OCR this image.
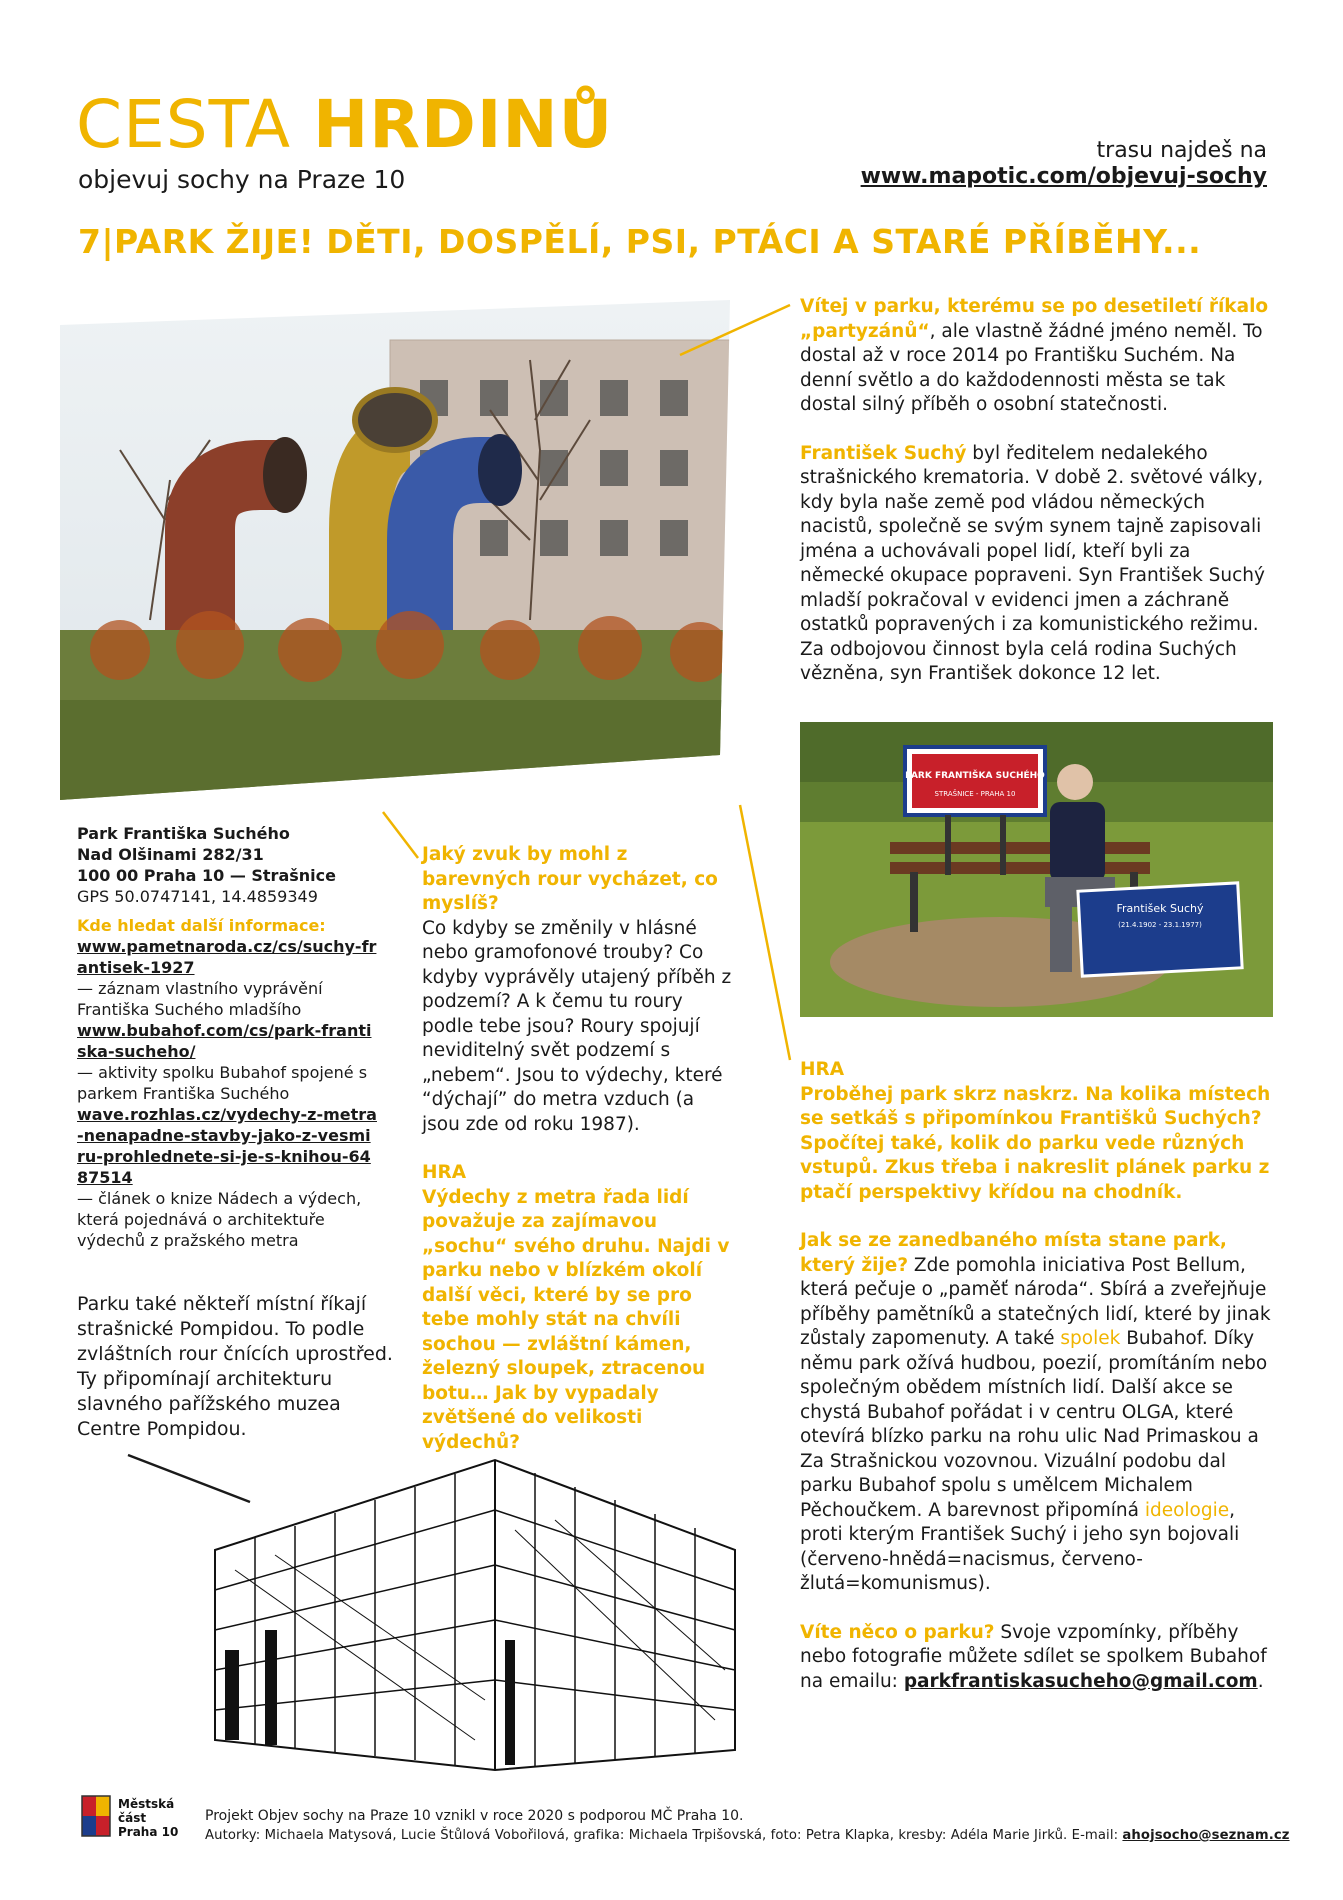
CESTA HRDINŮ
objevuj sochy na Praze 10
trasu najdeš na
www.mapotic.com/objevuj-sochy
7|PARK ŽIJE! DĚTI, DOSPĚLÍ, PSI, PTÁCI A STARÉ PŘÍBĚHY...
PARK FRANTIŠKA SUCHÉHO
STRAŠNICE - PRAHA 10
František Suchý
(21.4.1902 - 23.1.1977)

Vítej v parku, kterému se po desetiletí říkalo „partyzánů“, ale vlastně žádné jméno neměl. To dostal až v roce 2014 po Františku Suchém. Na denní světlo a do každodennosti města se tak dostal silný příběh o osobní statečnosti.

František Suchý byl ředitelem nedalekého strašnického krematoria. V době 2. světové války, kdy byla naše země pod vládou německých nacistů, společně se svým synem tajně zapisovali jména a uchovávali popel lidí, kteří byli za německé okupace popraveni. Syn František Suchý mladší pokračoval v evidenci jmen a záchraně ostatků popravených i za komunistického režimu. Za odbojovou činnost byla celá rodina Suchých vězněna, syn František dokonce 12 let.

Park Františka Suchého
Nad Olšinami 282/31
100 00 Praha 10 — Strašnice
GPS 50.0747141, 14.4859349
Kde hledat další informace:
www.pametnaroda.cz/cs/suchy-frantisek-1927
— záznam vlastního vyprávění Františka Suchého mladšího
www.bubahof.com/cs/park-frantiska-sucheho/
— aktivity spolku Bubahof spojené s parkem Františka Suchého
wave.rozhlas.cz/vydechy-z-metra-nenapadne-stavby-jako-z-vesmiru-prohlednete-si-je-s-knihou-6487514
— článek o knize Nádech a výdech, která pojednává o architektuře výdechů z pražského metra
Parku také někteří místní říkají strašnické Pompidou. To podle zvláštních rour čnících uprostřed. Ty připomínají architekturu slavného pařížského muzea Centre Pompidou.

Jaký zvuk by mohl z barevných rour vycházet, co myslíš?
Co kdyby se změnily v hlásné nebo gramofonové trouby? Co kdyby vyprávěly utajený příběh z podzemí? A k čemu tu roury podle tebe jsou? Roury spojují neviditelný svět podzemí s „nebem“. Jsou to výdechy, které “dýchají” do metra vzduch (a jsou zde od roku 1987).

HRA
Výdechy z metra řada lidí považuje za zajímavou „sochu“ svého druhu. Najdi v parku nebo v blízkém okolí další věci, které by se pro tebe mohly stát na chvíli sochou — zvláštní kámen, železný sloupek, ztracenou botu… Jak by vypadaly zvětšené do velikosti výdechů?

HRA
Proběhej park skrz naskrz. Na kolika místech se setkáš s připomínkou Františků Suchých? Spočítej také, kolik do parku vede různých vstupů. Zkus třeba i nakreslit plánek parku z ptačí perspektivy křídou na chodník.

Jak se ze zanedbaného místa stane park, který žije? Zde pomohla iniciativa Post Bellum, která pečuje o „paměť národa“. Sbírá a zveřejňuje příběhy pamětníků a statečných lidí, které by jinak zůstaly zapomenuty. A také spolek Bubahof. Díky němu park ožívá hudbou, poezií, promítáním nebo společným obědem místních lidí. Další akce se chystá Bubahof pořádat i v centru OLGA, které otevírá blízko parku na rohu ulic Nad Primaskou a Za Strašnickou vozovnou. Vizuální podobu dal parku Bubahof spolu s umělcem Michalem Pěchoučkem. A barevnost připomíná ideologie, proti kterým František Suchý i jeho syn bojovali (červeno-hnědá=nacismus, červeno-žlutá=komunismus).

Víte něco o parku? Svoje vzpomínky, příběhy nebo fotografie můžete sdílet se spolkem Bubahof na emailu: parkfrantiskasucheho@gmail.com.

Městská
část
Praha 10
Projekt Objev sochy na Praze 10 vznikl v roce 2020 s podporou MČ Praha 10.
Autorky: Michaela Matysová, Lucie Štůlová Vobořilová, grafika: Michaela Trpišovská, foto: Petra Klapka, kresby: Adéla Marie Jirků. E-mail: ahojsocho@seznam.cz
